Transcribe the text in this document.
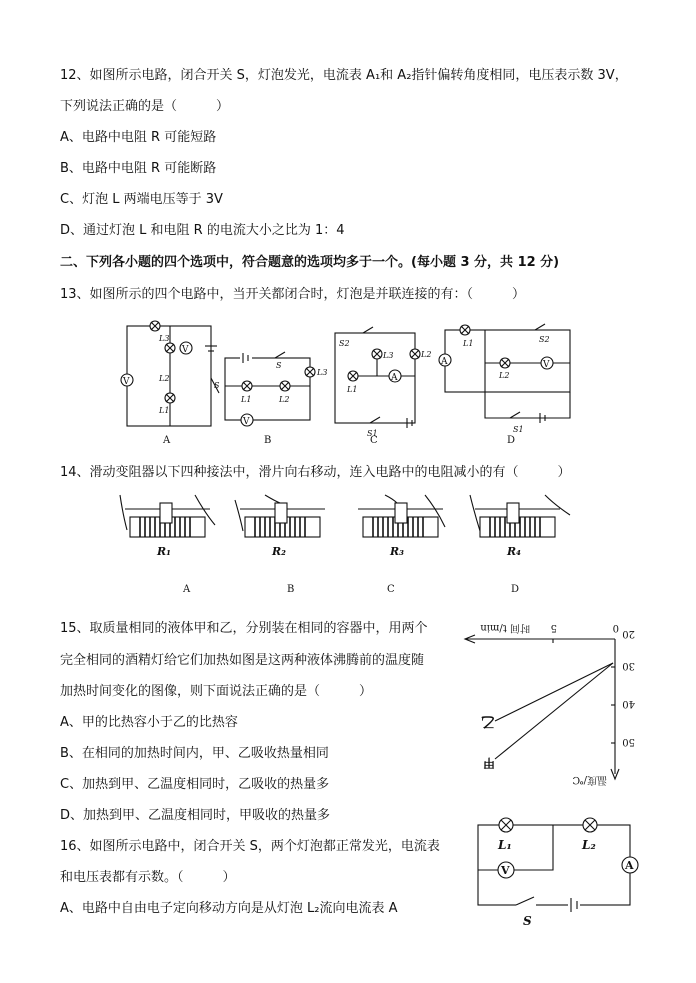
12、如图所示电路，闭合开关 S，灯泡发光，电流表 A₁和 A₂指针偏转角度相同，电压表示数 3V，
下列说法正确的是（　　　）
A、电路中电阻 R 可能短路
B、电路中电阻 R 可能断路
C、灯泡 L 两端电压等于 3V
D、通过灯泡 L 和电阻 R 的电流大小之比为 1：4
二、下列各小题的四个选项中，符合题意的选项均多于一个。(每小题 3 分，共 12 分)
13、如图所示的四个电路中，当开关都闭合时，灯泡是并联连接的有：（　　　）
V
V
L3
L2
L1
S
A
V
S
L3
L1	L2
B
A
S2
L3	L2
L1
S1
C
A	V
L1	S2
L2
S1
D
14、滑动变阻器以下四种接法中，滑片向右移动，连入电路中的电阻减小的有（　　　）
R₁
A
R₂
B
R₃
C
R₄
D
15、取质量相同的液体甲和乙，分别装在相同的容器中，用两个
完全相同的酒精灯给它们加热如图是这两种液体沸腾前的温度随
加热时间变化的图像，则下面说法正确的是（　　　）
A、甲的比热容小于乙的比热容
B、在相同的加热时间内，甲、乙吸收热量相同
C、加热到甲、乙温度相同时，乙吸收的热量多
D、加热到甲、乙温度相同时，甲吸收的热量多
20
30
40
50
0
5
时间 t/min
温度/℃
甲
乙
16、如图所示电路中，闭合开关 S，两个灯泡都正常发光，电流表
和电压表都有示数。（　　　）
A、电路中自由电子定向移动方向是从灯泡 L₂流向电流表 A
V	A
L₁	L₂
S
